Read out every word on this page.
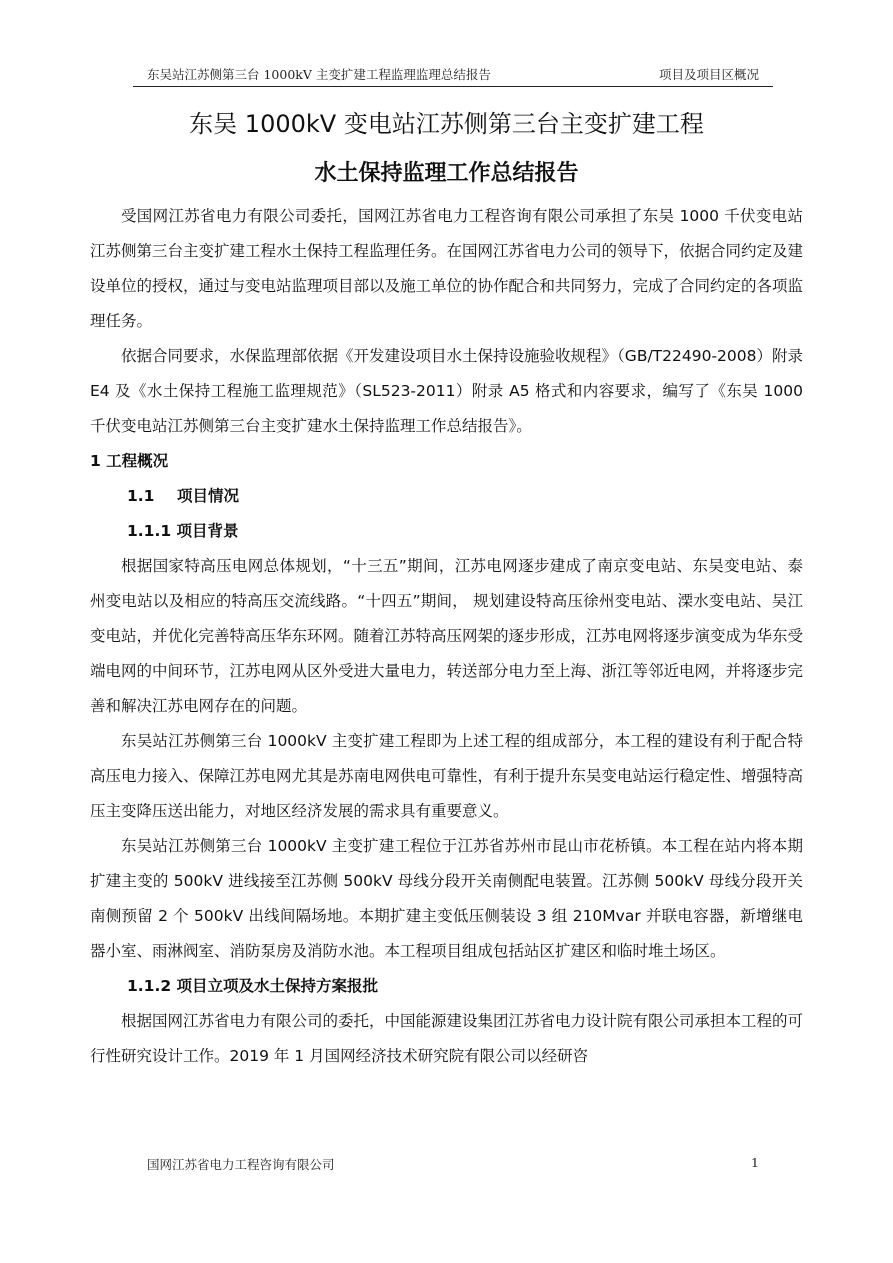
东吴站江苏侧第三台 1000kV 主变扩建工程监理监理总结报告	项目及项目区概况
东吴 1000kV 变电站江苏侧第三台主变扩建工程
水土保持监理工作总结报告

受国网江苏省电力有限公司委托，国网江苏省电力工程咨询有限公司承担了东吴 1000 千伏变电站江苏侧第三台主变扩建工程水土保持工程监理任务。在国网江苏省电力公司的领导下，依据合同约定及建设单位的授权，通过与变电站监理项目部以及施工单位的协作配合和共同努力，完成了合同约定的各项监理任务。

依据合同要求，水保监理部依据《开发建设项目水土保持设施验收规程》（GB/T22490-2008）附录 E4 及《水土保持工程施工监理规范》（SL523-2011）附录 A5 格式和内容要求，编写了《东吴 1000 千伏变电站江苏侧第三台主变扩建水土保持监理工作总结报告》。

1 工程概况
1.1 项目情况
1.1.1 项目背景

根据国家特高压电网总体规划，“十三五”期间，江苏电网逐步建成了南京变电站、东吴变电站、泰州变电站以及相应的特高压交流线路。“十四五”期间， 规划建设特高压徐州变电站、溧水变电站、吴江变电站，并优化完善特高压华东环网。随着江苏特高压网架的逐步形成，江苏电网将逐步演变成为华东受端电网的中间环节，江苏电网从区外受进大量电力，转送部分电力至上海、浙江等邻近电网，并将逐步完善和解决江苏电网存在的问题。

东吴站江苏侧第三台 1000kV 主变扩建工程即为上述工程的组成部分，本工程的建设有利于配合特高压电力接入、保障江苏电网尤其是苏南电网供电可靠性，有利于提升东吴变电站运行稳定性、增强特高压主变降压送出能力，对地区经济发展的需求具有重要意义。

东吴站江苏侧第三台 1000kV 主变扩建工程位于江苏省苏州市昆山市花桥镇。本工程在站内将本期扩建主变的 500kV 进线接至江苏侧 500kV 母线分段开关南侧配电装置。江苏侧 500kV 母线分段开关南侧预留 2 个 500kV 出线间隔场地。本期扩建主变低压侧装设 3 组 210Mvar 并联电容器，新增继电器小室、雨淋阀室、消防泵房及消防水池。本工程项目组成包括站区扩建区和临时堆土场区。

1.1.2 项目立项及水土保持方案报批

根据国网江苏省电力有限公司的委托，中国能源建设集团江苏省电力设计院有限公司承担本工程的可行性研究设计工作。2019 年 1 月国网经济技术研究院有限公司以经研咨

国网江苏省电力工程咨询有限公司	1
